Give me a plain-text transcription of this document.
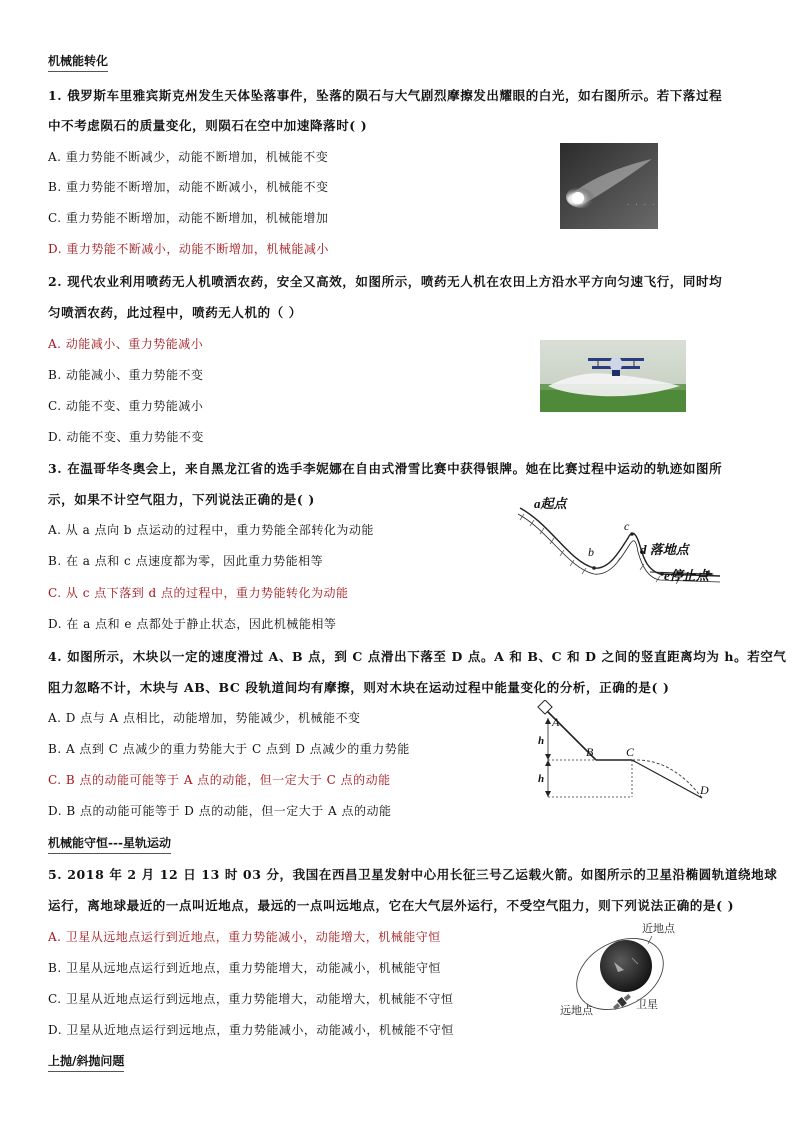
机械能转化
1. 俄罗斯车里雅宾斯克州发生天体坠落事件，坠落的陨石与大气剧烈摩擦发出耀眼的白光，如右图所示。若下落过程
中不考虑陨石的质量变化，则陨石在空中加速降落时( )
A. 重力势能不断减少，动能不断增加，机械能不变
B. 重力势能不断增加，动能不断减小，机械能不变
C. 重力势能不断增加，动能不断增加，机械能增加
D. 重力势能不断减小，动能不断增加，机械能减小
· · · ·
2. 现代农业利用喷药无人机喷洒农药，安全又高效，如图所示，喷药无人机在农田上方沿水平方向匀速飞行，同时均
匀喷洒农药，此过程中，喷药无人机的（ ）
A. 动能减小、重力势能减小
B. 动能减小、重力势能不变
C. 动能不变、重力势能减小
D. 动能不变、重力势能不变
3. 在温哥华冬奥会上，来自黑龙江省的选手李妮娜在自由式滑雪比赛中获得银牌。她在比赛过程中运动的轨迹如图所
示，如果不计空气阻力，下列说法正确的是( )
A. 从 a 点向 b 点运动的过程中，重力势能全部转化为动能
B. 在 a 点和 c 点速度都为零，因此重力势能相等
C. 从 c 点下落到 d 点的过程中，重力势能转化为动能
D. 在 a 点和 e 点都处于静止状态，因此机械能相等
a起点
b
c
d 落地点
e停止点
4. 如图所示，木块以一定的速度滑过 A、B 点，到 C 点滑出下落至 D 点。A 和 B、C 和 D 之间的竖直距离均为 h。若空气
阻力忽略不计，木块与 AB、BC 段轨道间均有摩擦，则对木块在运动过程中能量变化的分析，正确的是( )
A. D 点与 A 点相比，动能增加，势能减少，机械能不变
B. A 点到 C 点减少的重力势能大于 C 点到 D 点减少的重力势能
C. B 点的动能可能等于 A 点的动能，但一定大于 C 点的动能
D. B 点的动能可能等于 D 点的动能，但一定大于 A 点的动能
A
h
h
B	C
D
机械能守恒---星轨运动
5. 2018 年 2 月 12 日 13 时 03 分，我国在西昌卫星发射中心用长征三号乙运载火箭。如图所示的卫星沿椭圆轨道绕地球
运行，离地球最近的一点叫近地点，最远的一点叫远地点，它在大气层外运行，不受空气阻力，则下列说法正确的是( )
A. 卫星从远地点运行到近地点，重力势能减小，动能增大，机械能守恒
B. 卫星从远地点运行到近地点，重力势能增大，动能减小，机械能守恒
C. 卫星从近地点运行到远地点，重力势能增大，动能增大，机械能不守恒
D. 卫星从近地点运行到远地点，重力势能减小，动能减小，机械能不守恒
近地点
远地点	卫星
上抛/斜抛问题
